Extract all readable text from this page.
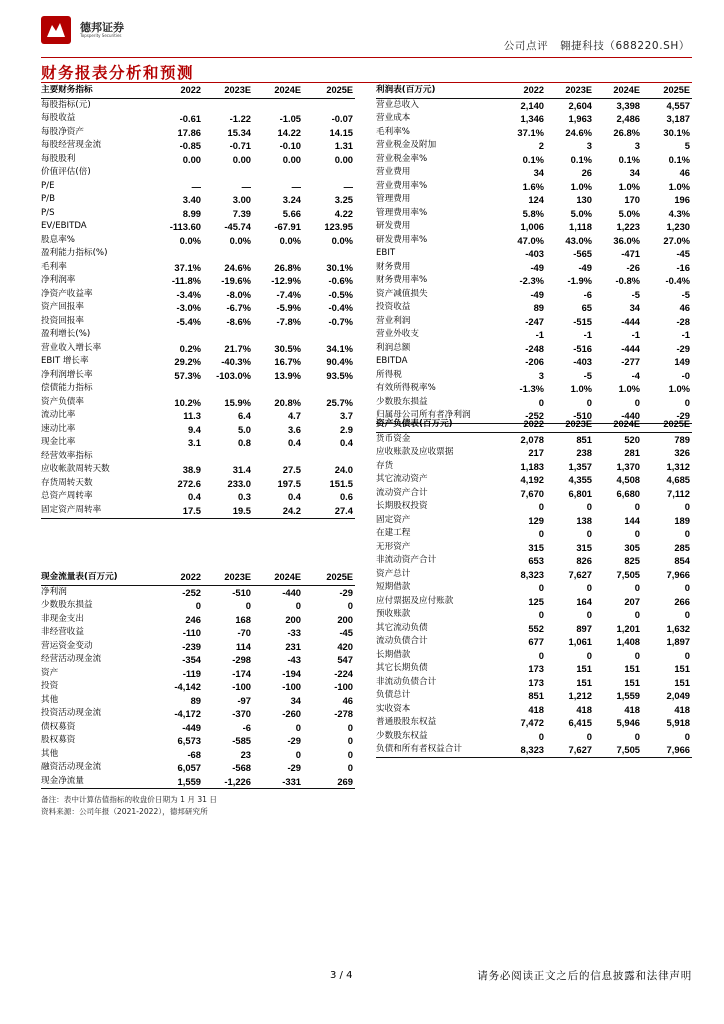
德邦证券
Topsperity Securities
公司点评 翱捷科技（688220.SH）
财务报表分析和预测
主要财务指标	2022	2023E	2024E	2025E
每股指标(元)				
每股收益	-0.61	-1.22	-1.05	-0.07
每股净资产	17.86	15.34	14.22	14.15
每股经营现金流	-0.85	-0.71	-0.10	1.31
每股股利	0.00	0.00	0.00	0.00
价值评估(倍)				
P/E	—	—	—	—
P/B	3.40	3.00	3.24	3.25
P/S	8.99	7.39	5.66	4.22
EV/EBITDA	-113.60	-45.74	-67.91	123.95
股息率%	0.0%	0.0%	0.0%	0.0%
盈利能力指标(%)				
毛利率	37.1%	24.6%	26.8%	30.1%
净利润率	-11.8%	-19.6%	-12.9%	-0.6%
净资产收益率	-3.4%	-8.0%	-7.4%	-0.5%
资产回报率	-3.0%	-6.7%	-5.9%	-0.4%
投资回报率	-5.4%	-8.6%	-7.8%	-0.7%
盈利增长(%)				
营业收入增长率	0.2%	21.7%	30.5%	34.1%
EBIT 增长率	29.2%	-40.3%	16.7%	90.4%
净利润增长率	57.3%	-103.0%	13.9%	93.5%
偿债能力指标				
资产负债率	10.2%	15.9%	20.8%	25.7%
流动比率	11.3	6.4	4.7	3.7
速动比率	9.4	5.0	3.6	2.9
现金比率	3.1	0.8	0.4	0.4
经营效率指标				
应收帐款周转天数	38.9	31.4	27.5	24.0
存货周转天数	272.6	233.0	197.5	151.5
总资产周转率	0.4	0.3	0.4	0.6
固定资产周转率	17.5	19.5	24.2	27.4
利润表(百万元)	2022	2023E	2024E	2025E
营业总收入	2,140	2,604	3,398	4,557
营业成本	1,346	1,963	2,486	3,187
毛利率%	37.1%	24.6%	26.8%	30.1%
营业税金及附加	2	3	3	5
营业税金率%	0.1%	0.1%	0.1%	0.1%
营业费用	34	26	34	46
营业费用率%	1.6%	1.0%	1.0%	1.0%
管理费用	124	130	170	196
管理费用率%	5.8%	5.0%	5.0%	4.3%
研发费用	1,006	1,118	1,223	1,230
研发费用率%	47.0%	43.0%	36.0%	27.0%
EBIT	-403	-565	-471	-45
财务费用	-49	-49	-26	-16
财务费用率%	-2.3%	-1.9%	-0.8%	-0.4%
资产减值损失	-49	-6	-5	-5
投资收益	89	65	34	46
营业利润	-247	-515	-444	-28
营业外收支	-1	-1	-1	-1
利润总额	-248	-516	-444	-29
EBITDA	-206	-403	-277	149
所得税	3	-5	-4	-0
有效所得税率%	-1.3%	1.0%	1.0%	1.0%
少数股东损益	0	0	0	0
归属母公司所有者净利润	-252	-510	-440	-29
资产负债表(百万元)	2022	2023E	2024E	2025E
货币资金	2,078	851	520	789
应收账款及应收票据	217	238	281	326
存货	1,183	1,357	1,370	1,312
其它流动资产	4,192	4,355	4,508	4,685
流动资产合计	7,670	6,801	6,680	7,112
长期股权投资	0	0	0	0
固定资产	129	138	144	189
在建工程	0	0	0	0
无形资产	315	315	305	285
非流动资产合计	653	826	825	854
资产总计	8,323	7,627	7,505	7,966
短期借款	0	0	0	0
应付票据及应付账款	125	164	207	266
预收账款	0	0	0	0
其它流动负债	552	897	1,201	1,632
流动负债合计	677	1,061	1,408	1,897
长期借款	0	0	0	0
其它长期负债	173	151	151	151
非流动负债合计	173	151	151	151
负债总计	851	1,212	1,559	2,049
实收资本	418	418	418	418
普通股股东权益	7,472	6,415	5,946	5,918
少数股东权益	0	0	0	0
负债和所有者权益合计	8,323	7,627	7,505	7,966
现金流量表(百万元)	2022	2023E	2024E	2025E
净利润	-252	-510	-440	-29
少数股东损益	0	0	0	0
非现金支出	246	168	200	200
非经营收益	-110	-70	-33	-45
营运资金变动	-239	114	231	420
经营活动现金流	-354	-298	-43	547
资产	-119	-174	-194	-224
投资	-4,142	-100	-100	-100
其他	89	-97	34	46
投资活动现金流	-4,172	-370	-260	-278
债权募资	-449	-6	0	0
股权募资	6,573	-585	-29	0
其他	-68	23	0	0
融资活动现金流	6,057	-568	-29	0
现金净流量	1,559	-1,226	-331	269
备注：表中计算估值指标的收盘价日期为 1 月 31 日
资料来源：公司年报（2021-2022），德邦研究所
3 / 4	请务必阅读正文之后的信息披露和法律声明
